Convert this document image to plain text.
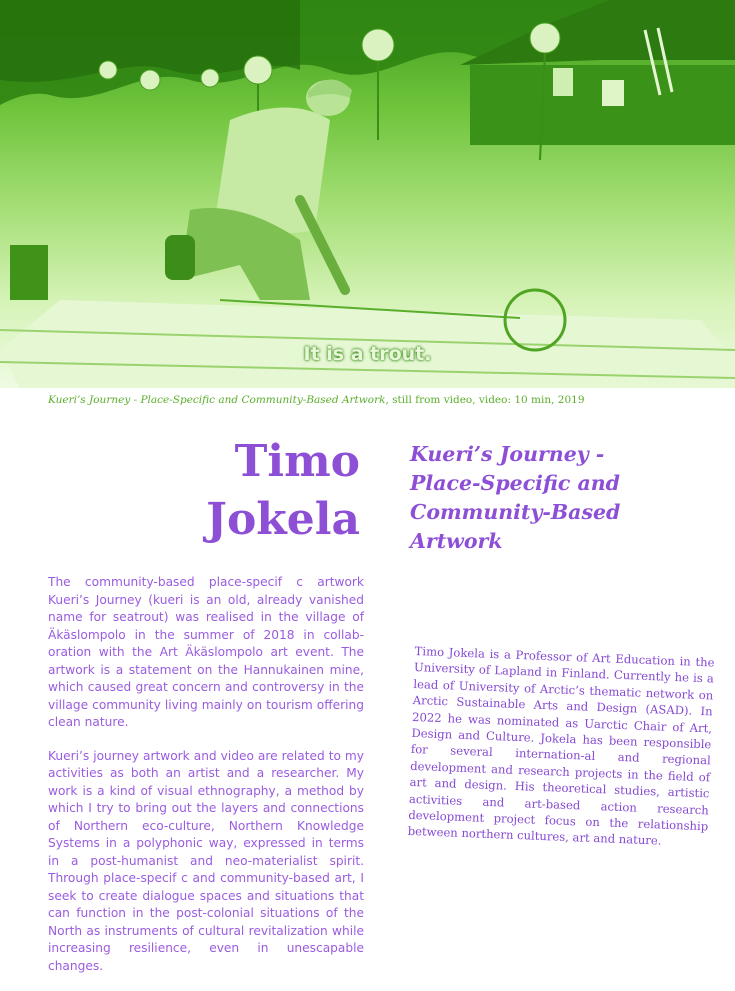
It is a trout.
Kueri’s Journey - Place-Specific and Community-Based Artwork, still from video, video: 10 min, 2019
Timo
Jokela
Kueri’s Journey -
Place-Specific and
Community-Based
Artwork

The community-based place-specif c artwork Kueri’s Journey (kueri is an old, already vanished name for seatrout) was realised in the village of Äkäslompolo in the summer of 2018 in collab-oration with the Art Äkäslompolo art event. The artwork is a statement on the Hannukainen mine, which caused great concern and controversy in the village community living mainly on tourism offering clean nature.

Kueri’s journey artwork and video are related to my activities as both an artist and a researcher. My work is a kind of visual ethnography, a method by which I try to bring out the layers and connections of Northern eco-culture, Northern Knowledge Systems in a polyphonic way, expressed in terms in a post-humanist and neo-materialist spirit. Through place-specif c and community-based art, I seek to create dialogue spaces and situations that can function in the post-colonial situations of the North as instruments of cultural revitalization while increasing resilience, even in unescapable changes.

Timo Jokela is a Professor of Art Education in the University of Lapland in Finland. Currently he is a lead of University of Arctic’s thematic network on Arctic Sustainable Arts and Design (ASAD). In 2022 he was nominated as Uarctic Chair of Art, Design and Culture. Jokela has been responsible for several internation-al and regional development and research projects in the field of art and design. His theoretical studies, artistic activities and art-based action research development project focus on the relationship between northern cultures, art and nature.
